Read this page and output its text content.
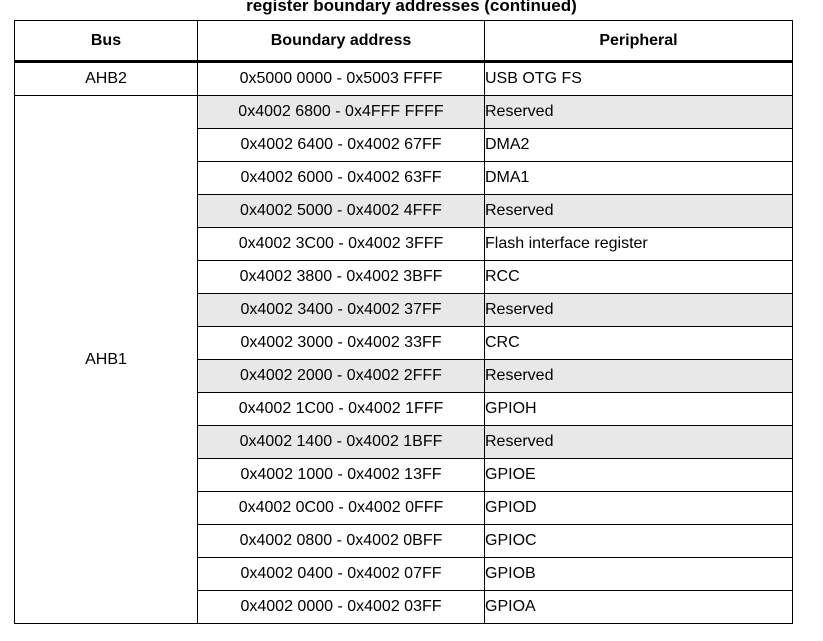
register boundary addresses (continued)
Bus	Boundary address	Peripheral
AHB2	0x5000 0000 - 0x5003 FFFF	USB OTG FS
AHB1	0x4002 6800 - 0x4FFF FFFF	Reserved
	0x4002 6400 - 0x4002 67FF	DMA2
	0x4002 6000 - 0x4002 63FF	DMA1
	0x4002 5000 - 0x4002 4FFF	Reserved
	0x4002 3C00 - 0x4002 3FFF	Flash interface register
	0x4002 3800 - 0x4002 3BFF	RCC
	0x4002 3400 - 0x4002 37FF	Reserved
	0x4002 3000 - 0x4002 33FF	CRC
	0x4002 2000 - 0x4002 2FFF	Reserved
	0x4002 1C00 - 0x4002 1FFF	GPIOH
	0x4002 1400 - 0x4002 1BFF	Reserved
	0x4002 1000 - 0x4002 13FF	GPIOE
	0x4002 0C00 - 0x4002 0FFF	GPIOD
	0x4002 0800 - 0x4002 0BFF	GPIOC
	0x4002 0400 - 0x4002 07FF	GPIOB
	0x4002 0000 - 0x4002 03FF	GPIOA
